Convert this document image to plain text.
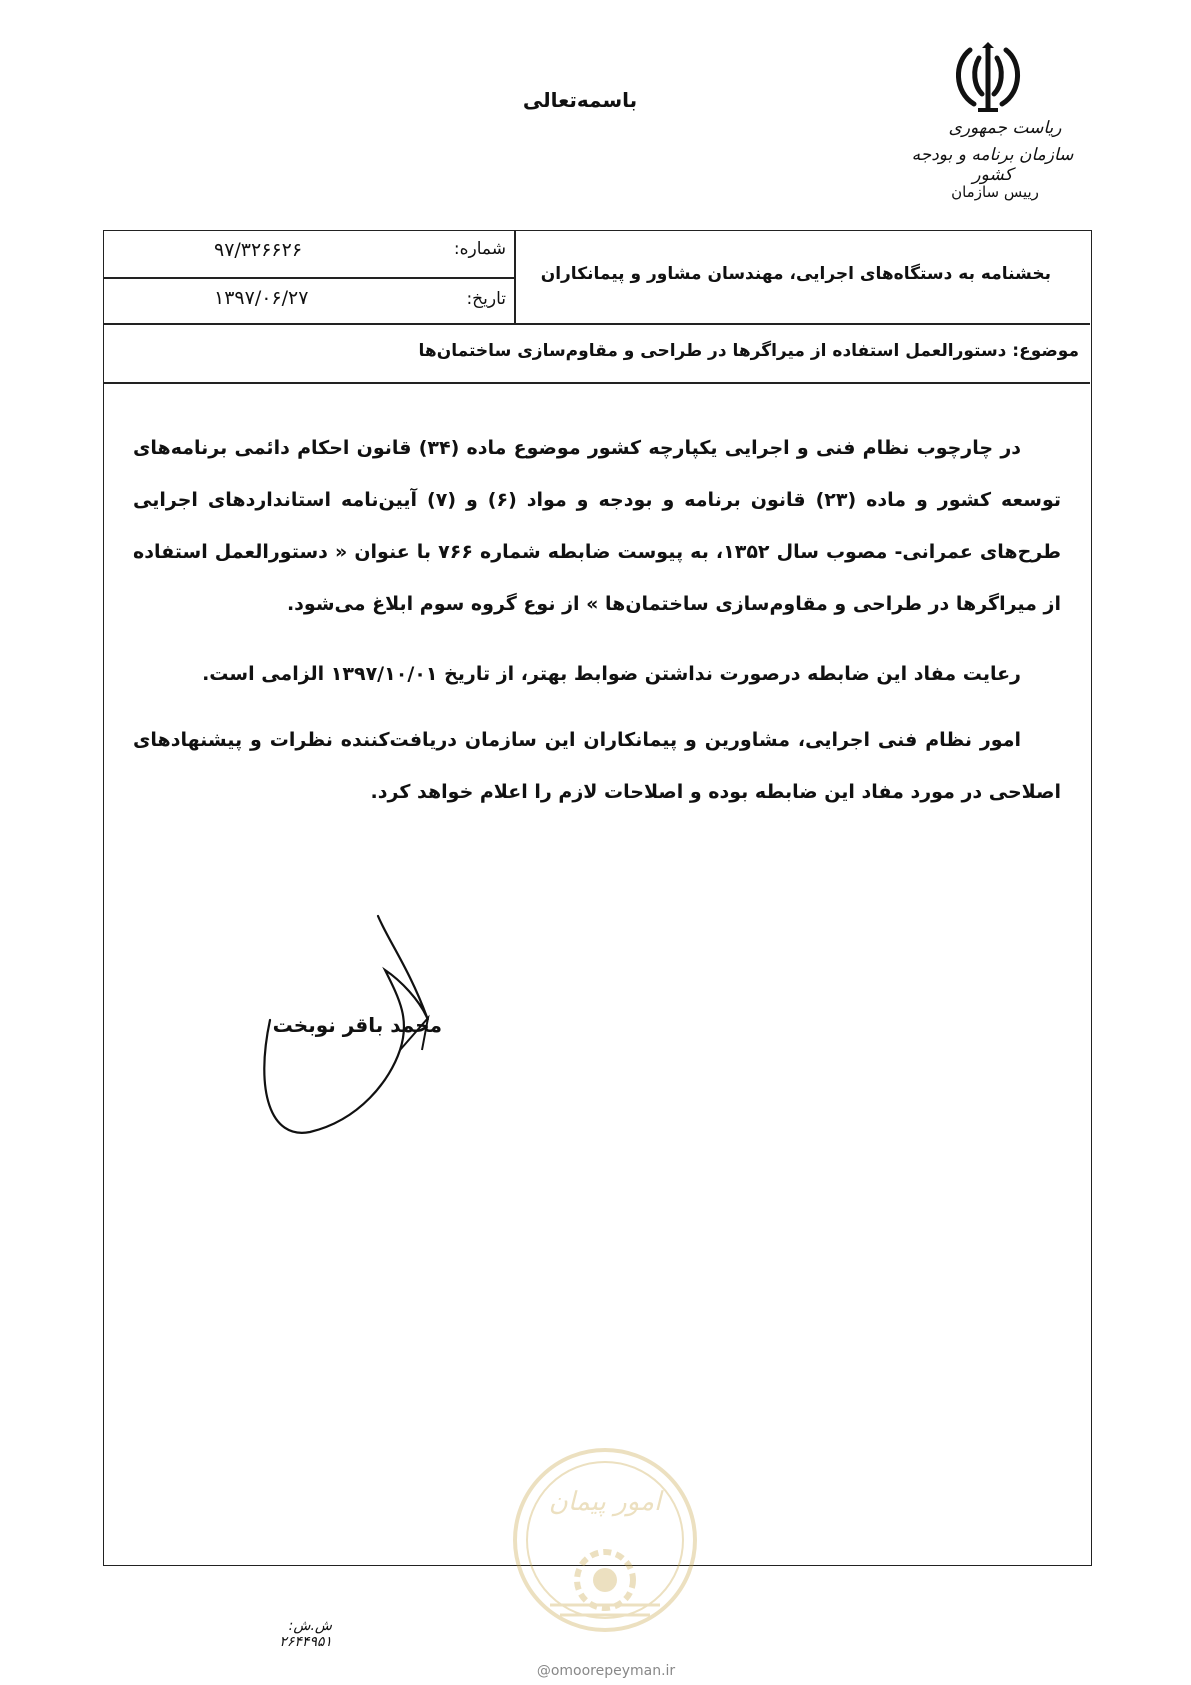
باسمه‌تعالی
ریاست جمهوری
سازمان برنامه و بودجه کشور
رییس سازمان
شماره:
۹۷/۳۲۶۶۲۶
تاریخ:
۱۳۹۷/۰۶/۲۷
بخشنامه به دستگاه‌های اجرایی، مهندسان مشاور و پیمانکاران
موضوع: دستورالعمل استفاده از میراگرها در طراحی و مقاوم‌سازی ساختمان‌ها
در چارچوب نظام فنی و اجرایی یکپارچه کشور موضوع ماده (۳۴) قانون احکام دائمی برنامه‌های توسعه کشور و ماده (۲۳) قانون برنامه و بودجه و مواد (۶) و (۷) آیین‌نامه استانداردهای اجرایی طرح‌های عمرانی- مصوب سال ۱۳۵۲، به پیوست ضابطه شماره ۷۶۶ با عنوان « دستورالعمل استفاده از میراگرها در طراحی و مقاوم‌سازی ساختمان‌ها » از نوع گروه سوم ابلاغ می‌شود.
رعایت مفاد این ضابطه درصورت نداشتن ضوابط بهتر، از تاریخ ۱۳۹۷/۱۰/۰۱ الزامی است.
امور نظام فنی اجرایی، مشاورین و پیمانکاران این سازمان دریافت‌کننده نظرات و پیشنهادهای اصلاحی در مورد مفاد این ضابطه بوده و اصلاحات لازم را اعلام خواهد کرد.
محمد باقر نوبخت
امور پیمان
@omoorepeyman.ir
ش.ش: ۲۶۴۴۹۵۱
